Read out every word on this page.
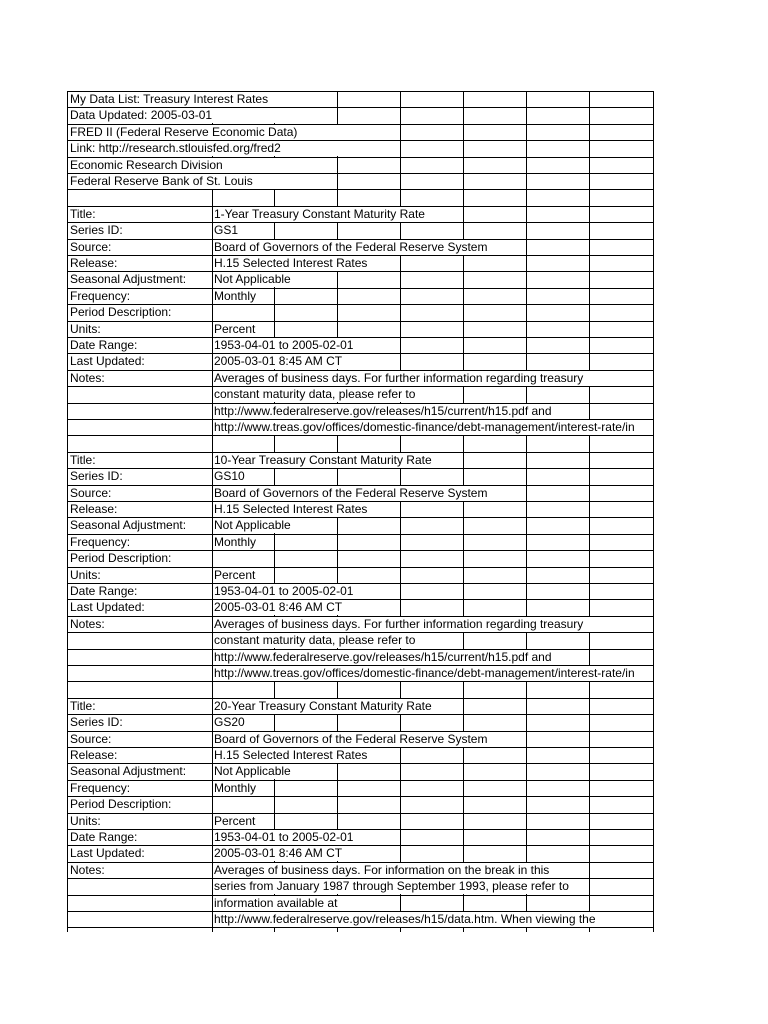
My Data List: Treasury Interest Rates
Data Updated: 2005-03-01
FRED II (Federal Reserve Economic Data)
Link: http://research.stlouisfed.org/fred2
Economic Research Division
Federal Reserve Bank of St. Louis
Title:	1-Year Treasury Constant Maturity Rate
Series ID:	GS1
Source:	Board of Governors of the Federal Reserve System
Release:	H.15 Selected Interest Rates
Seasonal Adjustment: Not Applicable
Frequency:	Monthly
Period Description:
Units:	Percent
Date Range:	1953-04-01 to 2005-02-01
Last Updated:	2005-03-01 8:45 AM CT
Notes:	Averages of business days. For further information regarding treasury
constant maturity data, please refer to
http://www.federalreserve.gov/releases/h15/current/h15.pdf and
http://www.treas.gov/offices/domestic-finance/debt-management/interest-rate/in
Title:	10-Year Treasury Constant Maturity Rate
Series ID:	GS10
Source:	Board of Governors of the Federal Reserve System
Release:	H.15 Selected Interest Rates
Seasonal Adjustment: Not Applicable
Frequency:	Monthly
Period Description:
Units:	Percent
Date Range:	1953-04-01 to 2005-02-01
Last Updated:	2005-03-01 8:46 AM CT
Notes:	Averages of business days. For further information regarding treasury
constant maturity data, please refer to
http://www.federalreserve.gov/releases/h15/current/h15.pdf and
http://www.treas.gov/offices/domestic-finance/debt-management/interest-rate/in
Title:	20-Year Treasury Constant Maturity Rate
Series ID:	GS20
Source:	Board of Governors of the Federal Reserve System
Release:	H.15 Selected Interest Rates
Seasonal Adjustment: Not Applicable
Frequency:	Monthly
Period Description:
Units:	Percent
Date Range:	1953-04-01 to 2005-02-01
Last Updated:	2005-03-01 8:46 AM CT
Notes:	Averages of business days. For information on the break in this
series from January 1987 through September 1993, please refer to
information available at
http://www.federalreserve.gov/releases/h15/data.htm. When viewing the
